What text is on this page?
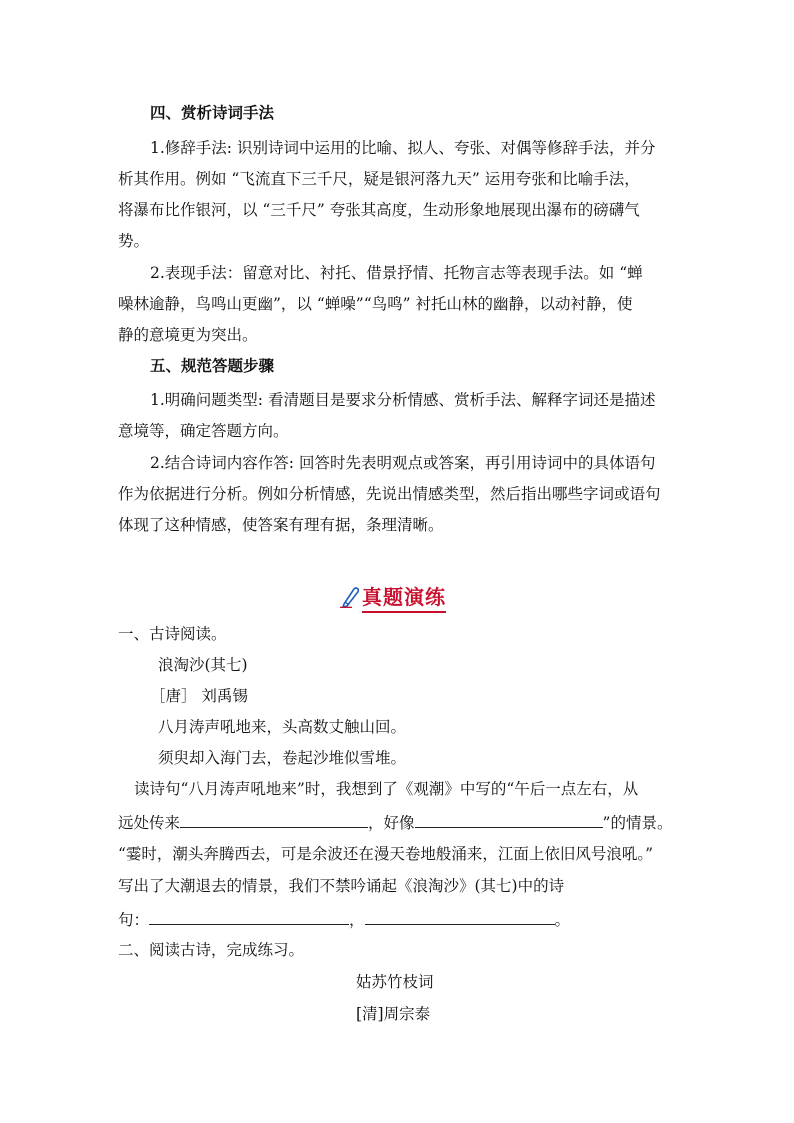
四、赏析诗词手法
1.修辞手法: 识别诗词中运用的比喻、拟人、夸张、对偶等修辞手法，并分
析其作用。例如 “飞流直下三千尺，疑是银河落九天” 运用夸张和比喻手法，
将瀑布比作银河，以 “三千尺” 夸张其高度，生动形象地展现出瀑布的磅礴气
势。
2.表现手法：留意对比、衬托、借景抒情、托物言志等表现手法。如 “蝉
噪林逾静，鸟鸣山更幽”，以 “蝉噪”“鸟鸣” 衬托山林的幽静，以动衬静，使
静的意境更为突出。
五、规范答题步骤
1.明确问题类型: 看清题目是要求分析情感、赏析手法、解释字词还是描述
意境等，确定答题方向。
2.结合诗词内容作答: 回答时先表明观点或答案，再引用诗词中的具体语句
作为依据进行分析。例如分析情感，先说出情感类型，然后指出哪些字词或语句
体现了这种情感，使答案有理有据，条理清晰。
真题演练
一、古诗阅读。
浪淘沙(其七)
［唐］ 刘禹锡
八月涛声吼地来，头高数丈触山回。
须臾却入海门去，卷起沙堆似雪堆。
读诗句“八月涛声吼地来”时，我想到了《观潮》中写的“午后一点左右，从
远处传来	，好像	”的情景。
“霎时，潮头奔腾西去，可是余波还在漫天卷地般涌来，江面上依旧风号浪吼。”
写出了大潮退去的情景，我们不禁吟诵起《浪淘沙》(其七)中的诗
句：	，	。
二、阅读古诗，完成练习。
姑苏竹枝词
[清]周宗泰
